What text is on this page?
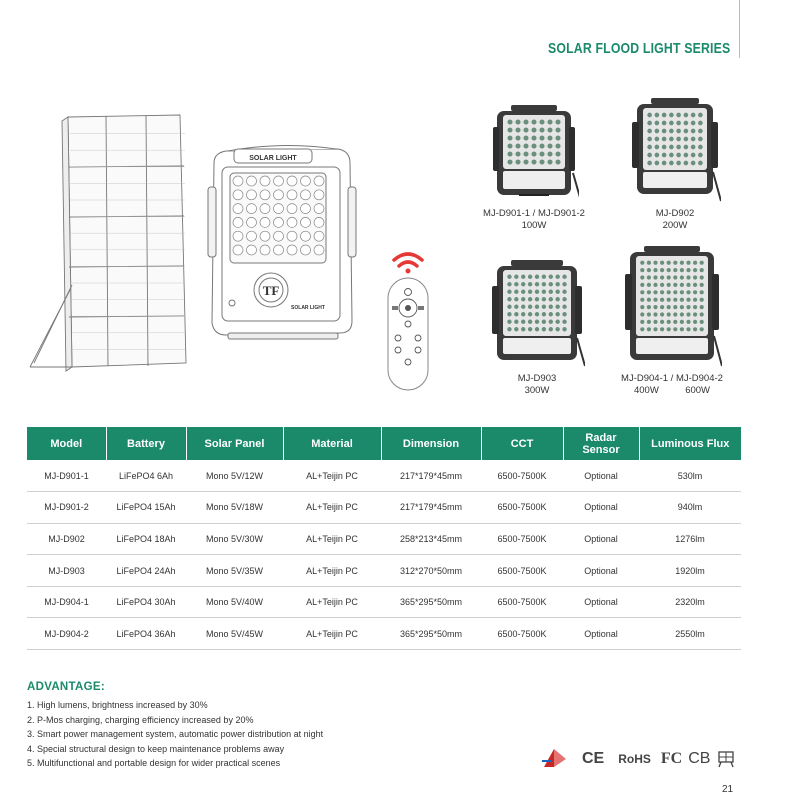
SOLAR FLOOD LIGHT SERIES
SOLAR LIGHT
TF
SOLAR LIGHT
MJ-D901-1 / MJ-D901-2
100W
MJ-D902
200W
MJ-D903
300W
MJ-D904-1 / MJ-D904-2
400W          600W
Model	Battery	Solar Panel	Material	Dimension	CCT	Radar Sensor	Luminous Flux
MJ-D901-1	LiFePO4 6Ah	Mono 5V/12W	AL+Teijin PC	217*179*45mm	6500-7500K	Optional	530lm
MJ-D901-2	LiFePO4 15Ah	Mono 5V/18W	AL+Teijin PC	217*179*45mm	6500-7500K	Optional	940lm
MJ-D902	LiFePO4 18Ah	Mono 5V/30W	AL+Teijin PC	258*213*45mm	6500-7500K	Optional	1276lm
MJ-D903	LiFePO4 24Ah	Mono 5V/35W	AL+Teijin PC	312*270*50mm	6500-7500K	Optional	1920lm
MJ-D904-1	LiFePO4 30Ah	Mono 5V/40W	AL+Teijin PC	365*295*50mm	6500-7500K	Optional	2320lm
MJ-D904-2	LiFePO4 36Ah	Mono 5V/45W	AL+Teijin PC	365*295*50mm	6500-7500K	Optional	2550lm
ADVANTAGE:
1. High lumens, brightness increased by 30%
2. P-Mos charging, charging efficiency increased by 20%
3. Smart power management system, automatic power distribution at night
4. Special structural design to keep maintenance problems away
5. Multifunctional and portable design for wider practical scenes	CE RoHS FC CB
21
